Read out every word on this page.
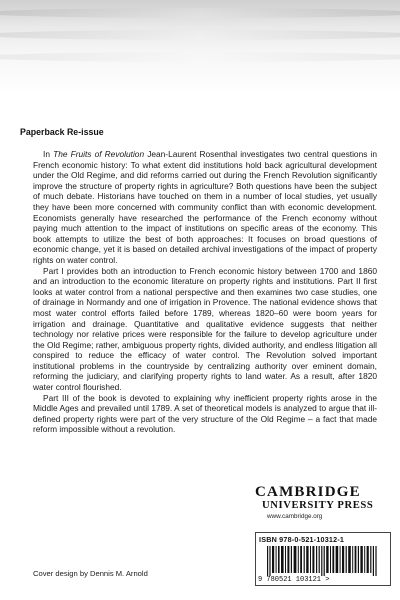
Paperback Re-issue

In The Fruits of Revolution Jean-Laurent Rosenthal investigates two central questions in French economic history: To what extent did institutions hold back agricultural development under the Old Regime, and did reforms carried out during the French Revolution significantly improve the structure of property rights in agriculture? Both questions have been the subject of much debate. Historians have touched on them in a number of local studies, yet usually they have been more concerned with community conflict than with economic development. Economists generally have researched the performance of the French economy without paying much attention to the impact of institutions on specific areas of the economy. This book attempts to utilize the best of both approaches: It focuses on broad questions of economic change, yet it is based on detailed archival investigations of the impact of property rights on water control.

Part I provides both an introduction to French economic history between 1700 and 1860 and an introduction to the economic literature on property rights and institutions. Part II first looks at water control from a national perspective and then examines two case studies, one of drainage in Normandy and one of irrigation in Provence. The national evidence shows that most water control efforts failed before 1789, whereas 1820–60 were boom years for irrigation and drainage. Quantitative and qualitative evidence suggests that neither technology nor relative prices were responsible for the failure to develop agriculture under the Old Regime; rather, ambiguous property rights, divided authority, and endless litigation all conspired to reduce the efficacy of water control. The Revolution solved important institutional problems in the countryside by centralizing authority over eminent domain, reforming the judiciary, and clarifying property rights to land water. As a result, after 1820 water control flourished.

Part III of the book is devoted to explaining why inefficient property rights arose in the Middle Ages and prevailed until 1789. A set of theoretical models is analyzed to argue that ill-defined property rights were part of the very structure of the Old Regime – a fact that made reform impossible without a revolution.

CAMBRIDGE
UNIVERSITY PRESS
www.cambridge.org
ISBN 978-0-521-10312-1
9 780521 103121 >
Cover design by Dennis M. Arnold
